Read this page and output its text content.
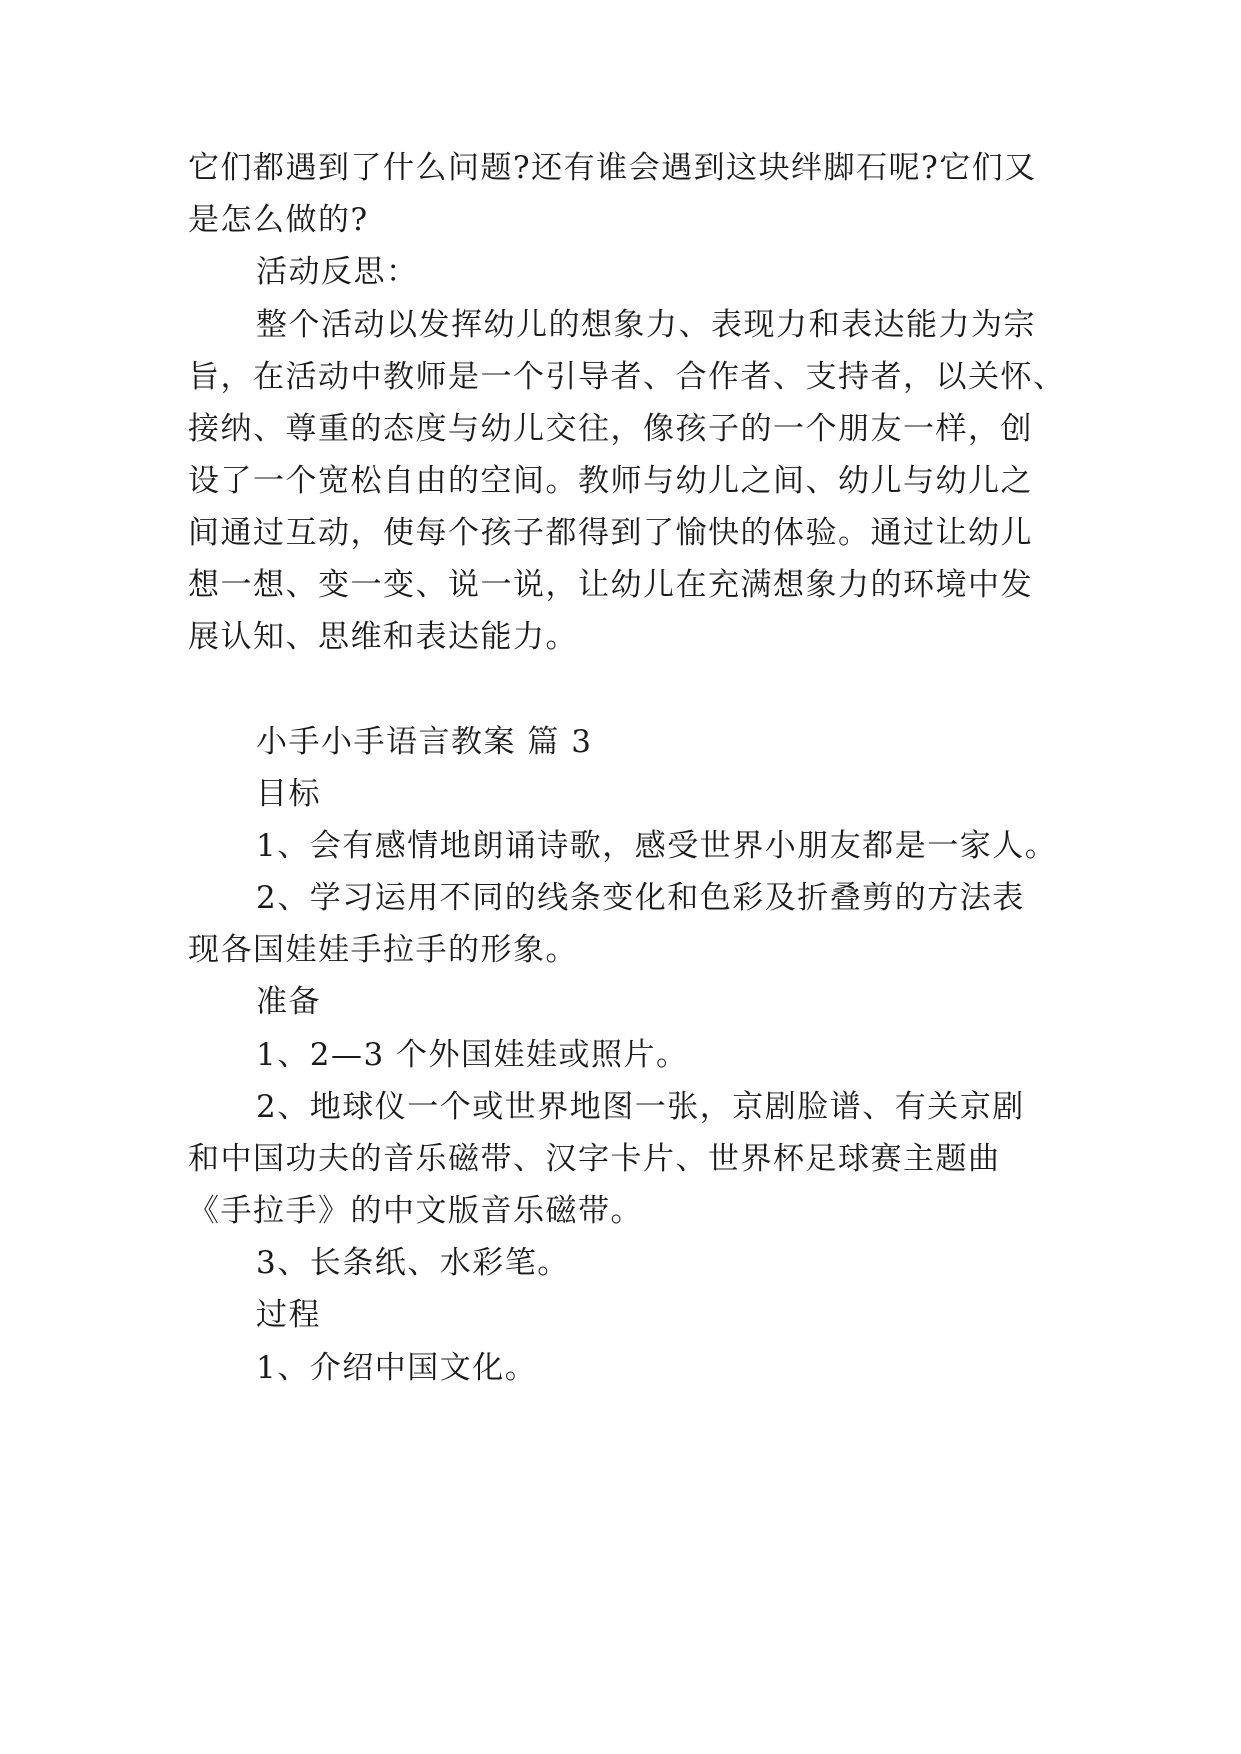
它们都遇到了什么问题?还有谁会遇到这块绊脚石呢?它们又
是怎么做的?
活动反思：
整个活动以发挥幼儿的想象力、表现力和表达能力为宗
旨，在活动中教师是一个引导者、合作者、支持者，以关怀、
接纳、尊重的态度与幼儿交往，像孩子的一个朋友一样，创
设了一个宽松自由的空间。教师与幼儿之间、幼儿与幼儿之
间通过互动，使每个孩子都得到了愉快的体验。通过让幼儿
想一想、变一变、说一说，让幼儿在充满想象力的环境中发
展认知、思维和表达能力。
小手小手语言教案 篇 3
目标
1、会有感情地朗诵诗歌，感受世界小朋友都是一家人。
2、学习运用不同的线条变化和色彩及折叠剪的方法表
现各国娃娃手拉手的形象。
准备
1、2—3 个外国娃娃或照片。
2、地球仪一个或世界地图一张，京剧脸谱、有关京剧
和中国功夫的音乐磁带、汉字卡片、世界杯足球赛主题曲
《手拉手》的中文版音乐磁带。
3、长条纸、水彩笔。
过程
1、介绍中国文化。
